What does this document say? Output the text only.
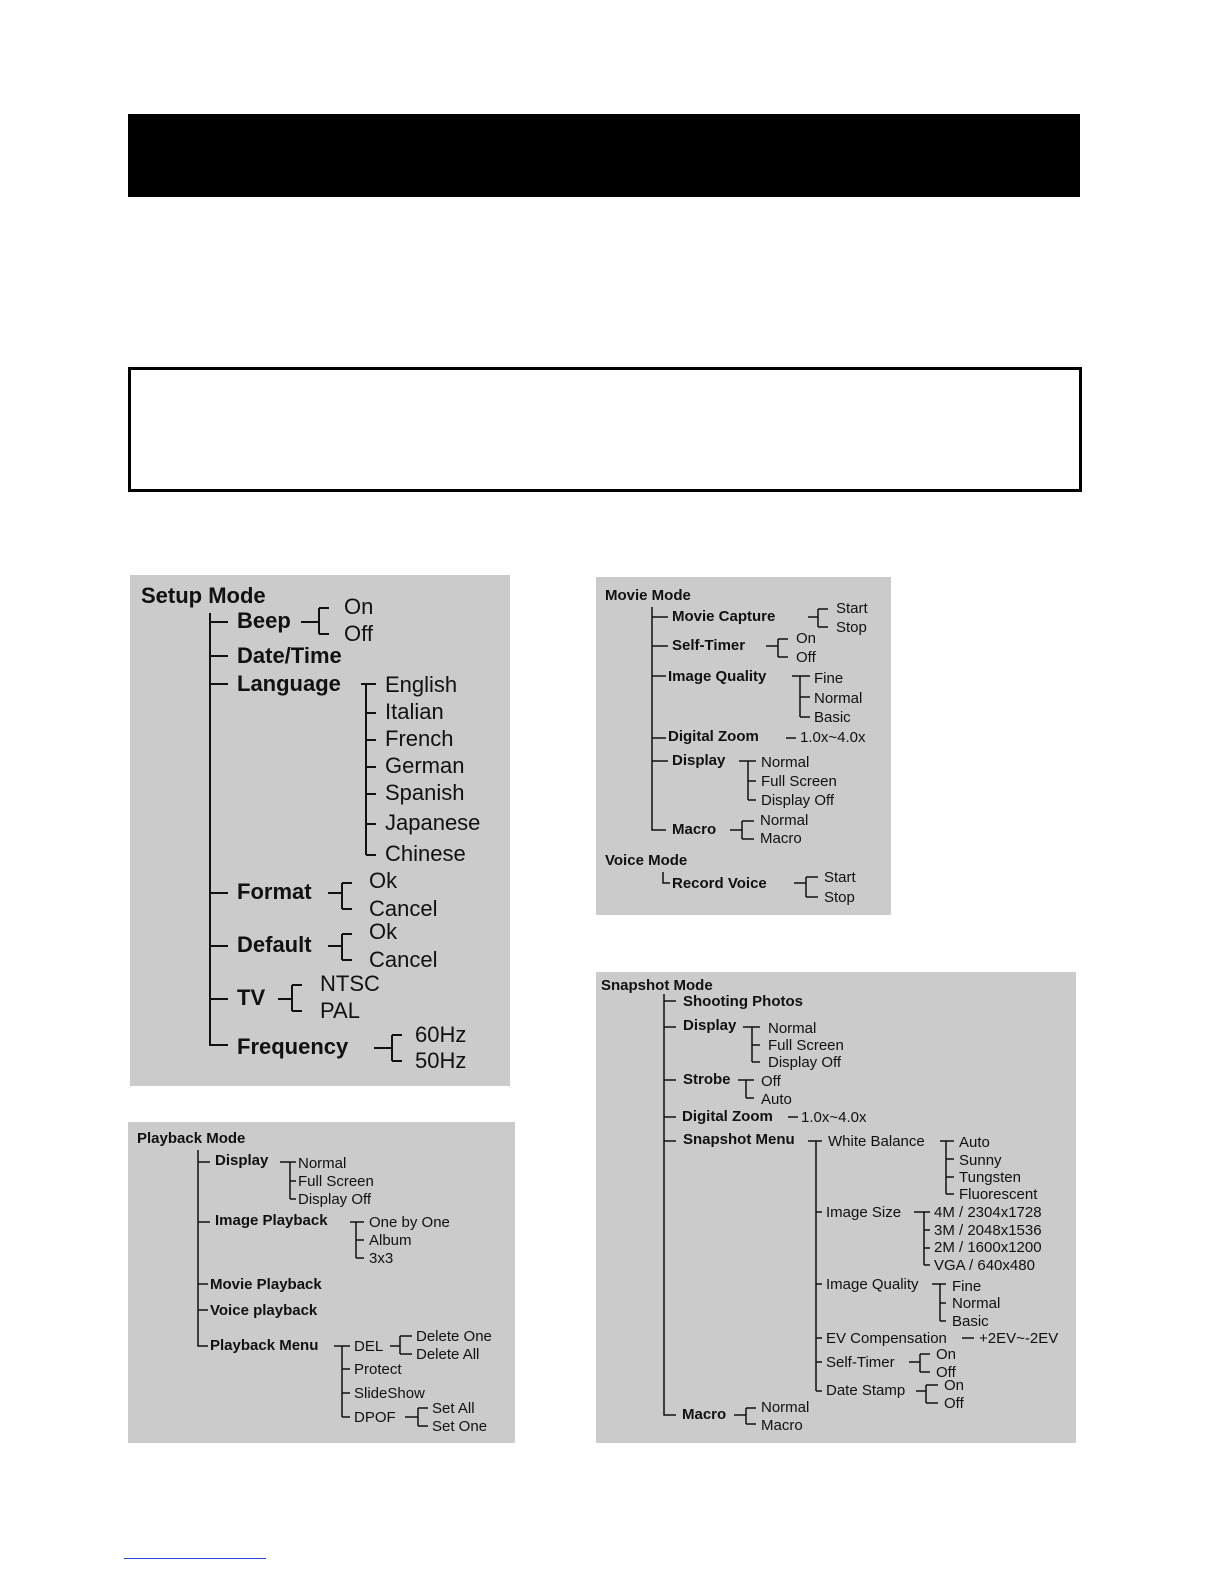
Setup Mode
Beep
On
Off
Date/Time
Language English
Italian
French
German
Spanish
Japanese
Chinese
Format	Ok
Cancel
Default
Ok
Cancel
TV
NTSC
PAL
Frequency	60Hz
50Hz
Playback Mode
Display Normal
Full Screen
Display Off
Image Playback	One by One
Album
3x3
Movie Playback
Voice playback
Playback Menu DEL
Delete One
Delete All
Protect
SlideShow
DPOF
Set All
Set One
Movie Mode
Movie Capture	Start
Stop
Self-Timer	On
Off
Image Quality	Fine
Normal
Basic
Digital Zoom	1.0x~4.0x
Display Normal
Full Screen
Display Off
Macro
Normal
Macro
Voice Mode
Record Voice	Start
Stop
Snapshot Mode
Shooting Photos
Display Normal
Full Screen
Display Off
Strobe Off
Auto
Digital Zoom 1.0x~4.0x
Snapshot Menu White Balance Auto
Sunny
Tungsten
Fluorescent
Image Size 4M / 2304x1728
3M / 2048x1536
2M / 1600x1200
VGA / 640x480
Image Quality Fine
Normal
Basic
EV Compensation +2EV~-2EV
Self-Timer	On
Off
Date Stamp	On
Off
Macro Normal
Macro
